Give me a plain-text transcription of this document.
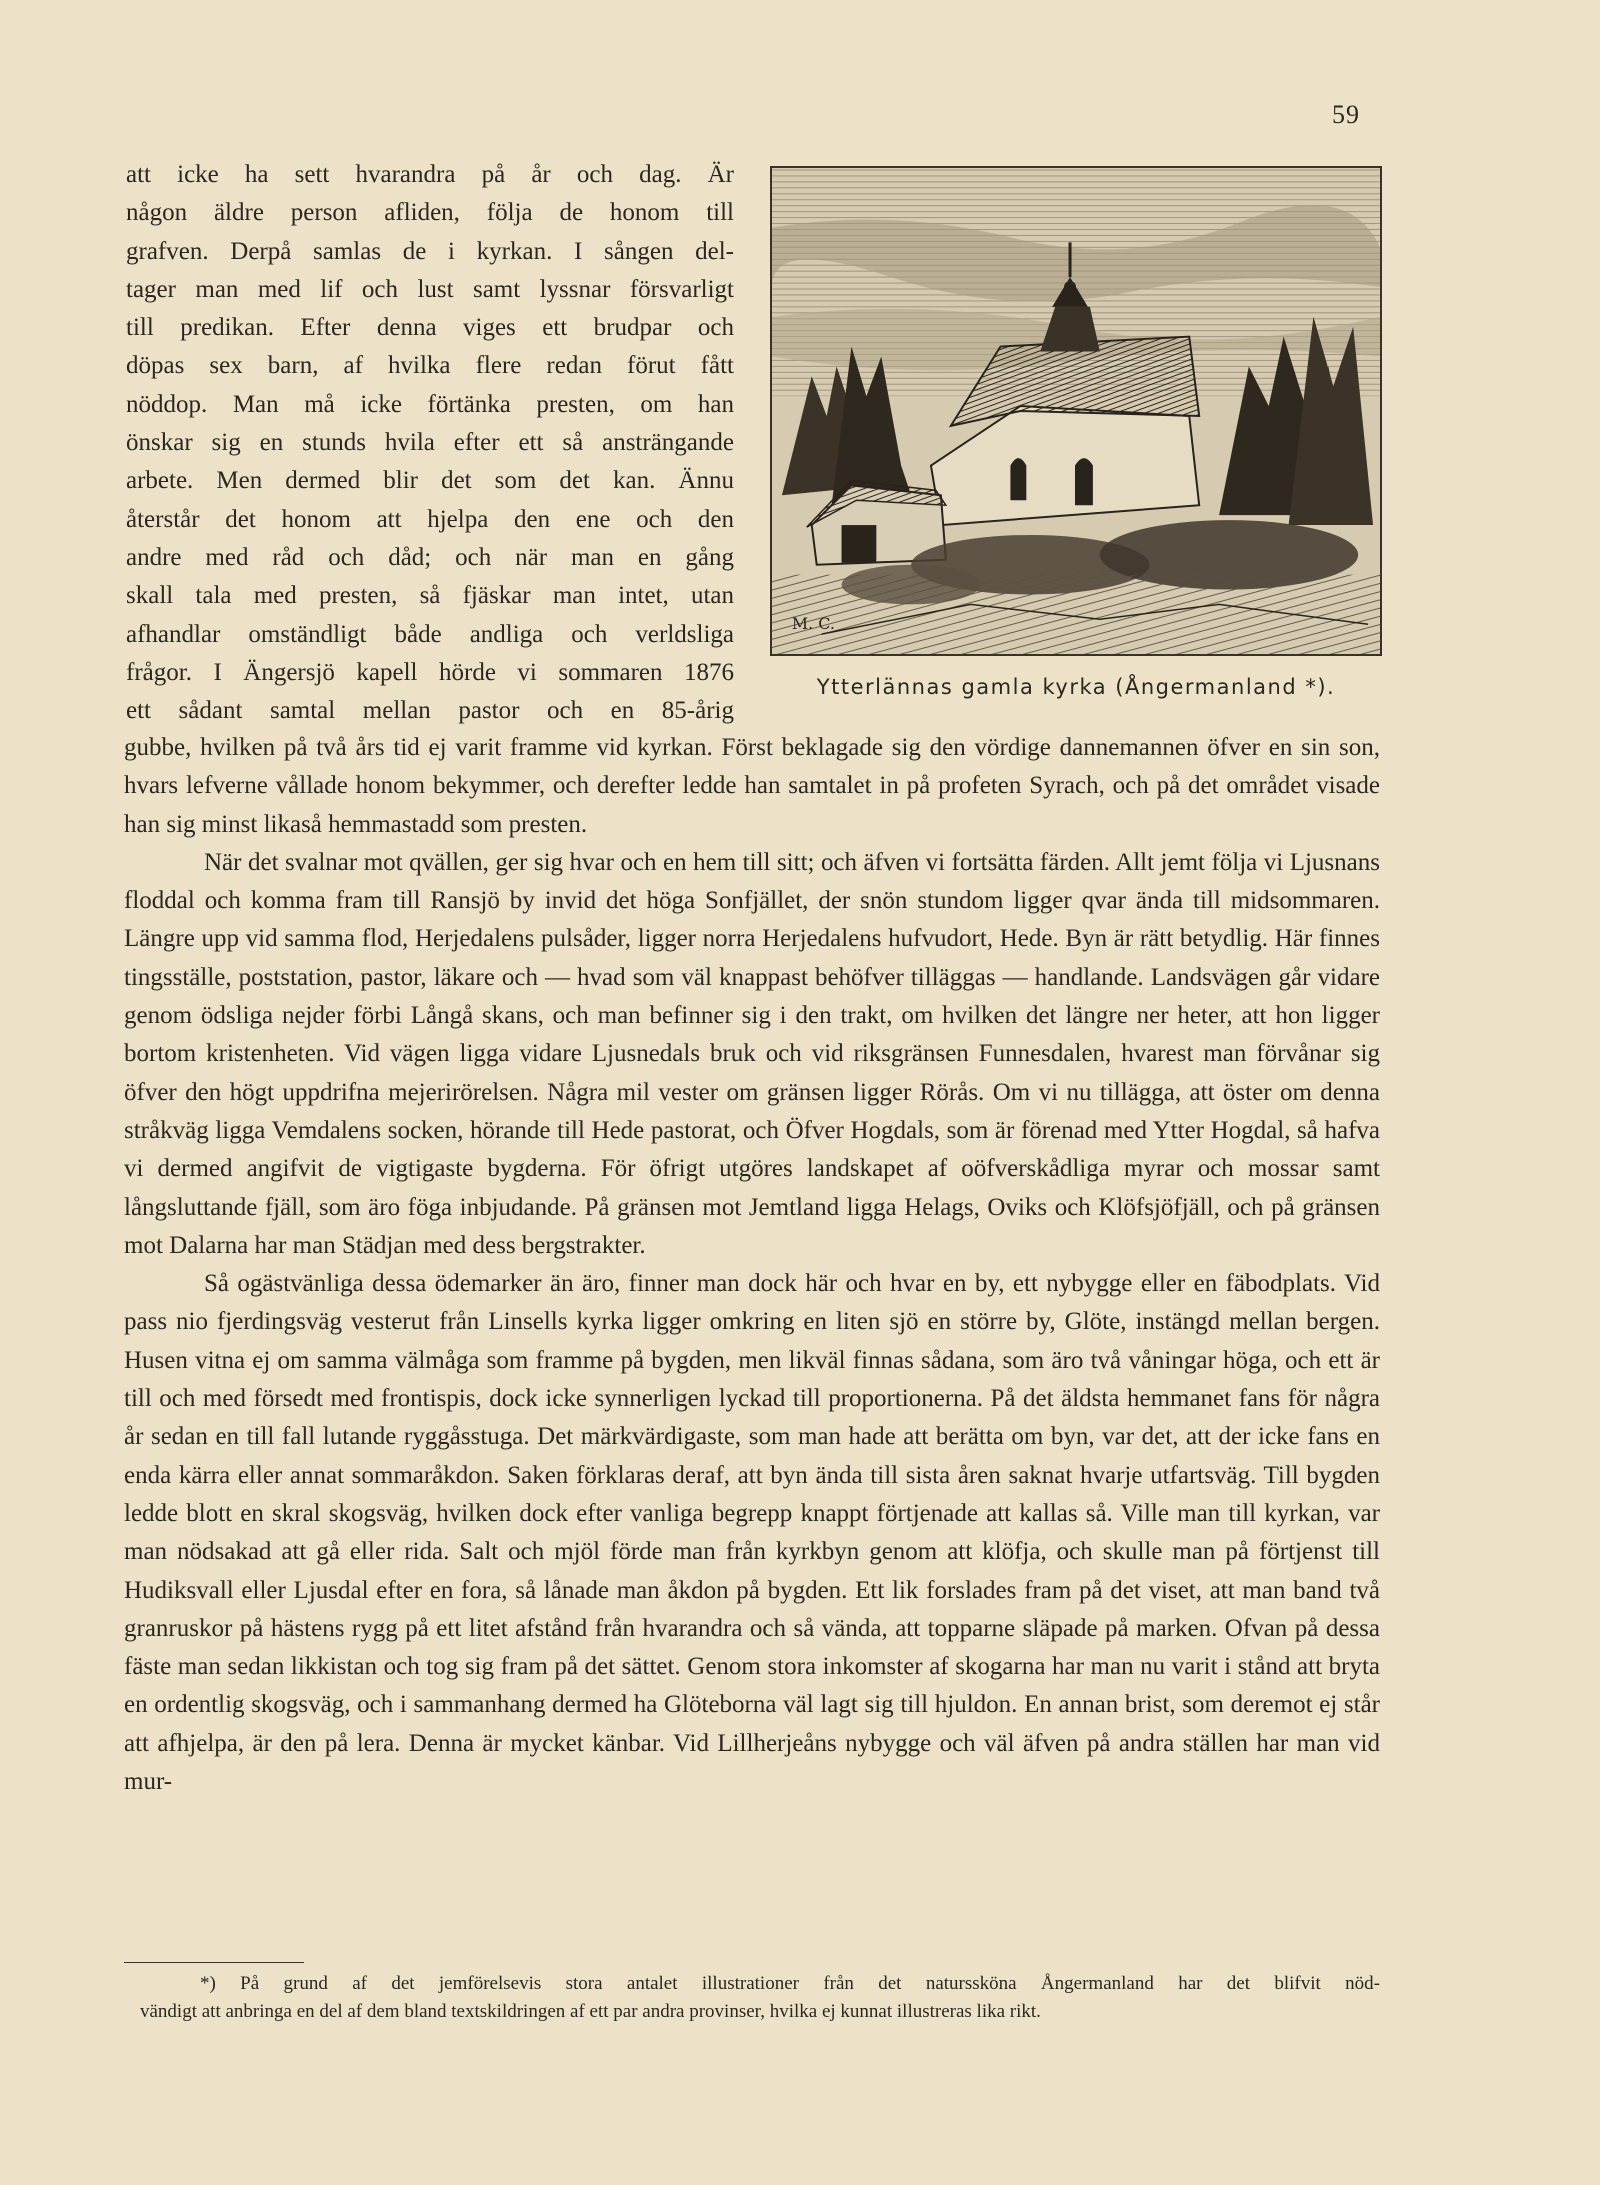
59
att icke ha sett hvarandra på år och dag. Är
någon äldre person afliden, följa de honom till
grafven. Derpå samlas de i kyrkan. I sången del-
tager man med lif och lust samt lyssnar försvarligt
till predikan. Efter denna viges ett brudpar och
döpas sex barn, af hvilka flere redan förut fått
nöddop. Man må icke förtänka presten, om han
önskar sig en stunds hvila efter ett så ansträngande
arbete. Men dermed blir det som det kan. Ännu
återstår det honom att hjelpa den ene och den
andre med råd och dåd; och när man en gång
skall tala med presten, så fjäskar man intet, utan
afhandlar omständligt både andliga och verldsliga
frågor. I Ängersjö kapell hörde vi sommaren 1876
ett sådant samtal mellan pastor och en 85-årig
M. C.
Ytterlännas gamla kyrka (Ångermanland *).

gubbe, hvilken på två års tid ej varit framme vid kyrkan. Först beklagade sig den vördige dannemannen öfver en sin son, hvars lefverne vållade honom bekymmer, och derefter ledde han samtalet in på profeten Syrach, och på det området visade han sig minst likaså hemmastadd som presten.

När det svalnar mot qvällen, ger sig hvar och en hem till sitt; och äfven vi fortsätta färden. Allt jemt följa vi Ljusnans floddal och komma fram till Ransjö by invid det höga Sonfjället, der snön stundom ligger qvar ända till midsommaren. Längre upp vid samma flod, Herjedalens pulsåder, ligger norra Herjedalens hufvudort, Hede. Byn är rätt betydlig. Här finnes tingsställe, poststation, pastor, läkare och — hvad som väl knappast behöfver tilläggas — handlande. Landsvägen går vidare genom ödsliga nejder förbi Långå skans, och man befinner sig i den trakt, om hvilken det längre ner heter, att hon ligger bortom kristenheten. Vid vägen ligga vidare Ljusnedals bruk och vid riksgränsen Funnesdalen, hvarest man förvånar sig öfver den högt uppdrifna mejerirörelsen. Några mil vester om gränsen ligger Rörås. Om vi nu tillägga, att öster om denna stråkväg ligga Vemdalens socken, hörande till Hede pastorat, och Öfver Hogdals, som är förenad med Ytter Hogdal, så hafva vi dermed angifvit de vigtigaste bygderna. För öfrigt utgöres landskapet af oöfverskådliga myrar och mossar samt långsluttande fjäll, som äro föga inbjudande. På gränsen mot Jemtland ligga Helags, Oviks och Klöfsjöfjäll, och på gränsen mot Dalarna har man Städjan med dess bergstrakter.

Så ogästvänliga dessa ödemarker än äro, finner man dock här och hvar en by, ett nybygge eller en fäbodplats. Vid pass nio fjerdingsväg vesterut från Linsells kyrka ligger omkring en liten sjö en större by, Glöte, instängd mellan bergen. Husen vitna ej om samma välmåga som framme på bygden, men likväl finnas sådana, som äro två våningar höga, och ett är till och med försedt med frontispis, dock icke synnerligen lyckad till proportionerna. På det äldsta hemmanet fans för några år sedan en till fall lutande ryggåsstuga. Det märkvärdigaste, som man hade att berätta om byn, var det, att der icke fans en enda kärra eller annat sommaråkdon. Saken förklaras deraf, att byn ända till sista åren saknat hvarje utfartsväg. Till bygden ledde blott en skral skogsväg, hvilken dock efter vanliga begrepp knappt förtjenade att kallas så. Ville man till kyrkan, var man nödsakad att gå eller rida. Salt och mjöl förde man från kyrkbyn genom att klöfja, och skulle man på förtjenst till Hudiksvall eller Ljusdal efter en fora, så lånade man åkdon på bygden. Ett lik forslades fram på det viset, att man band två granruskor på hästens rygg på ett litet afstånd från hvarandra och så vända, att topparne släpade på marken. Ofvan på dessa fäste man sedan likkistan och tog sig fram på det sättet. Genom stora inkomster af skogarna har man nu varit i stånd att bryta en ordentlig skogsväg, och i sammanhang dermed ha Glöteborna väl lagt sig till hjuldon. En annan brist, som deremot ej står att afhjelpa, är den på lera. Denna är mycket känbar. Vid Lillherjeåns nybygge och väl äfven på andra ställen har man vid mur-

*) På grund af det jemförelsevis stora antalet illustrationer från det naturssköna Ångermanland har det blifvit nöd-
vändigt att anbringa en del af dem bland textskildringen af ett par andra provinser, hvilka ej kunnat illustreras lika rikt.
